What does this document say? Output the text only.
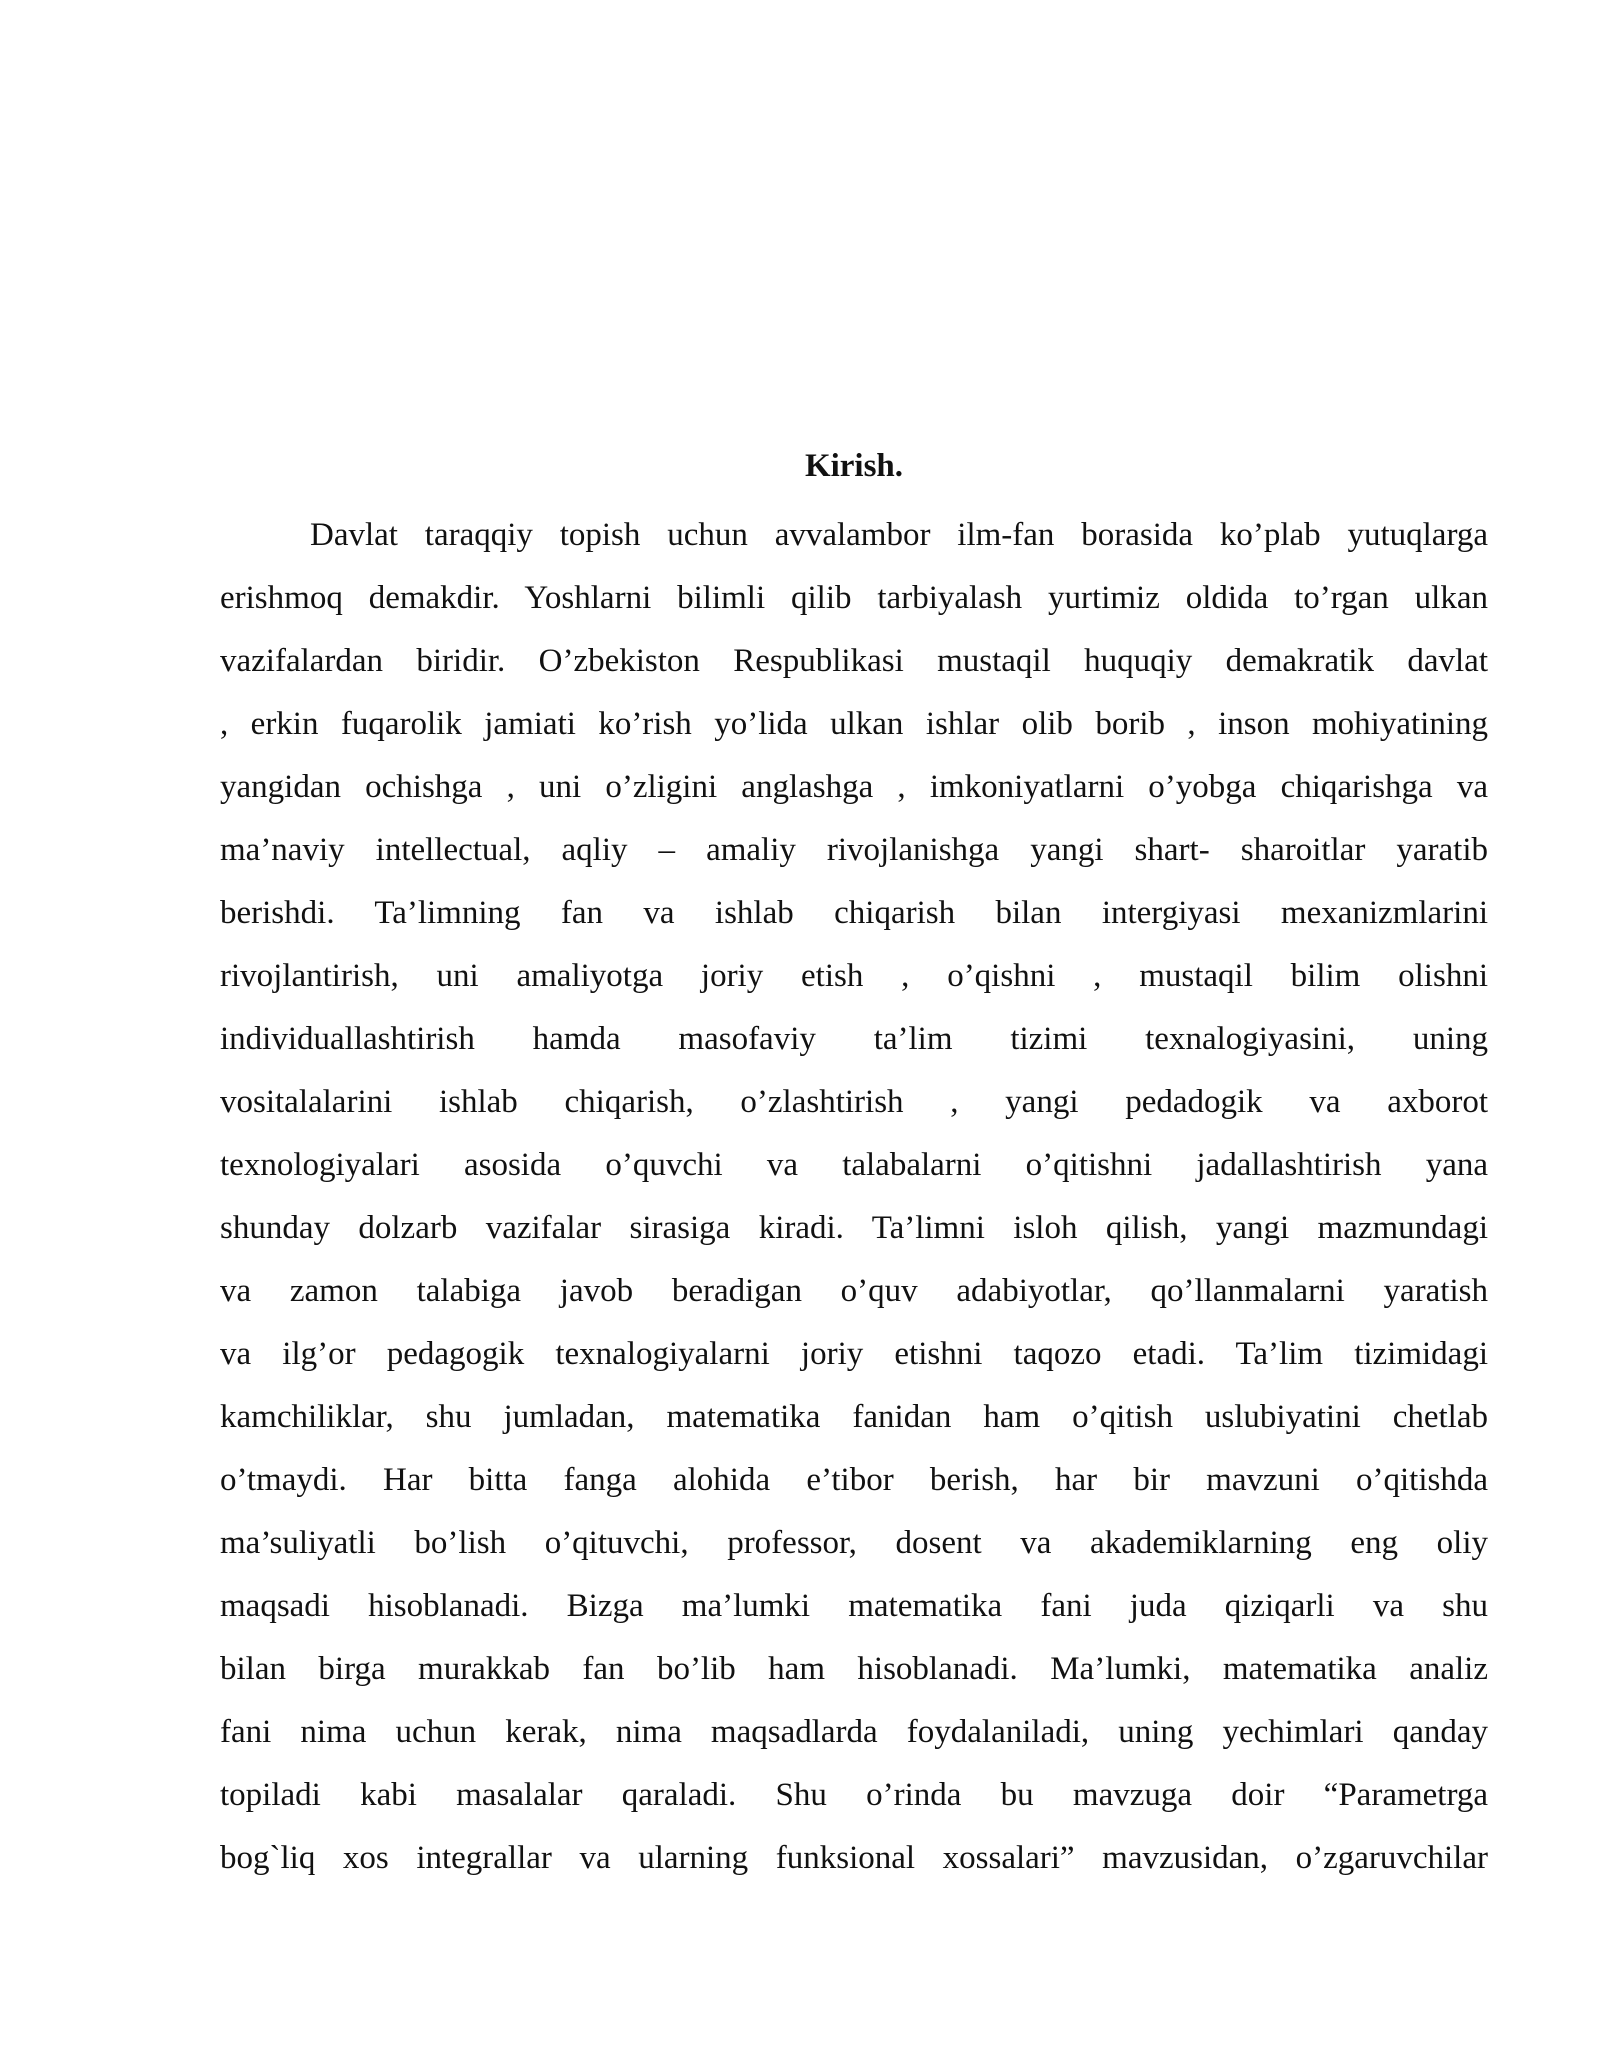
Kirish.
Davlat taraqqiy topish uchun avvalambor ilm-fan borasida ko’plab yutuqlarga
erishmoq demakdir. Yoshlarni bilimli qilib tarbiyalash yurtimiz oldida to’rgan ulkan
vazifalardan biridir. O’zbekiston Respublikasi mustaqil huquqiy demakratik davlat
, erkin fuqarolik jamiati ko’rish yo’lida ulkan ishlar olib borib , inson mohiyatining
yangidan ochishga , uni o’zligini anglashga , imkoniyatlarni o’yobga chiqarishga va
ma’naviy intellectual, aqliy – amaliy rivojlanishga yangi shart- sharoitlar yaratib
berishdi. Ta’limning fan va ishlab chiqarish bilan intergiyasi mexanizmlarini
rivojlantirish, uni amaliyotga joriy etish , o’qishni , mustaqil bilim olishni
individuallashtirish hamda masofaviy ta’lim tizimi texnalogiyasini, uning
vositalalarini ishlab chiqarish, o’zlashtirish , yangi pedadogik va axborot
texnologiyalari asosida o’quvchi va talabalarni o’qitishni jadallashtirish yana
shunday dolzarb vazifalar sirasiga kiradi. Ta’limni isloh qilish, yangi mazmundagi
va zamon talabiga javob beradigan o’quv adabiyotlar, qo’llanmalarni yaratish
va ilg’or pedagogik texnalogiyalarni joriy etishni taqozo etadi. Ta’lim tizimidagi
kamchiliklar, shu jumladan, matematika fanidan ham o’qitish uslubiyatini chetlab
o’tmaydi. Har bitta fanga alohida e’tibor berish, har bir mavzuni o’qitishda
ma’suliyatli bo’lish o’qituvchi, professor, dosent va akademiklarning eng oliy
maqsadi hisoblanadi. Bizga ma’lumki matematika fani juda qiziqarli va shu
bilan birga murakkab fan bo’lib ham hisoblanadi. Ma’lumki, matematika analiz
fani nima uchun kerak, nima maqsadlarda foydalaniladi, uning yechimlari qanday
topiladi kabi masalalar qaraladi. Shu o’rinda bu mavzuga doir “Parametrga
bog`liq xos integrallar va ularning funksional xossalari” mavzusidan, o’zgaruvchilar
